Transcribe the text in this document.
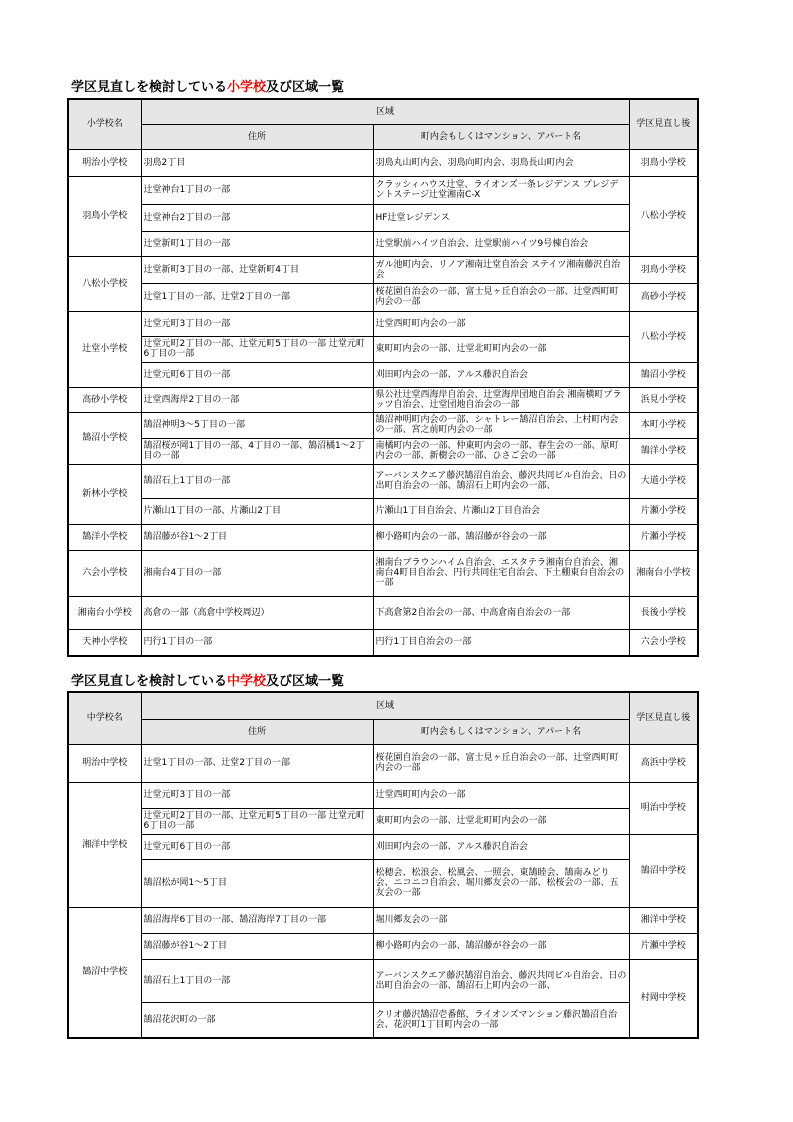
学区見直しを検討している小学校及び区域一覧
小学校名	区域		学区見直し後
	住所	町内会もしくはマンション、アパート名	
明治小学校	羽鳥2丁目	羽鳥丸山町内会、羽鳥向町内会、羽鳥長山町内会	羽鳥小学校
羽鳥小学校	辻堂神台1丁目の一部	クラッシィハウス辻堂、ライオンズ一条レジデンス プレジデントステージ辻堂湘南C-X	八松小学校
	辻堂神台2丁目の一部	HF辻堂レジデンス	
	辻堂新町1丁目の一部	辻堂駅前ハイツ自治会、辻堂駅前ハイツ9号棟自治会	
八松小学校	辻堂新町3丁目の一部、辻堂新町4丁目	ガル池町内会、リノア湘南辻堂自治会 ステイツ湘南藤沢自治会	羽鳥小学校
	辻堂1丁目の一部、辻堂2丁目の一部	桜花園自治会の一部、富士見ヶ丘自治会の一部、辻堂西町町内会の一部	高砂小学校
辻堂小学校	辻堂元町3丁目の一部	辻堂西町町内会の一部	八松小学校
	辻堂元町2丁目の一部、辻堂元町5丁目の一部 辻堂元町6丁目の一部	東町町内会の一部、辻堂北町町内会の一部	
	辻堂元町6丁目の一部	刈田町内会の一部、アルス藤沢自治会	鵠沼小学校
高砂小学校	辻堂西海岸2丁目の一部	県公社辻堂西海岸自治会、辻堂海岸団地自治会 湘南横町プラッツ自治会、辻堂団地自治会の一部	浜見小学校
鵠沼小学校	鵠沼神明3～5丁目の一部	鵠沼神明町内会の一部、シャトレー鵠沼自治会、上村町内会の一部、宮之前町内会の一部	本町小学校
	鵠沼桜が岡1丁目の一部、4丁目の一部、鵠沼橘1～2丁目の一部	南橘町内会の一部、仲東町内会の一部、春生会の一部、原町内会の一部、新樹会の一部、ひさご会の一部	鵠洋小学校
新林小学校	鵠沼石上1丁目の一部	アーバンスクエア藤沢鵠沼自治会、藤沢共同ビル自治会、日の出町自治会の一部、鵠沼石上町内会の一部、	大道小学校
	片瀬山1丁目の一部、片瀬山2丁目	片瀬山1丁目自治会、片瀬山2丁目自治会	片瀬小学校
鵠洋小学校	鵠沼藤が谷1～2丁目	柳小路町内会の一部、鵠沼藤が谷会の一部	片瀬小学校
六会小学校	湘南台4丁目の一部	湘南台ブラウンハイム自治会、エスタテラ湘南台自治会、湘南台4町目自治会、円行共同住宅自治会、下土棚東台自治会の一部	湘南台小学校
湘南台小学校	高倉の一部（高倉中学校周辺）	下高倉第2自治会の一部、中高倉南自治会の一部	長後小学校
天神小学校	円行1丁目の一部	円行1丁目自治会の一部	六会小学校
学区見直しを検討している中学校及び区域一覧
中学校名	区域		学区見直し後
	住所	町内会もしくはマンション、アパート名	
明治中学校	辻堂1丁目の一部、辻堂2丁目の一部	桜花園自治会の一部、富士見ヶ丘自治会の一部、辻堂西町町内会の一部	高浜中学校
湘洋中学校	辻堂元町3丁目の一部	辻堂西町町内会の一部	明治中学校
	辻堂元町2丁目の一部、辻堂元町5丁目の一部 辻堂元町6丁目の一部	東町町内会の一部、辻堂北町町内会の一部	
	辻堂元町6丁目の一部	刈田町内会の一部、アルス藤沢自治会	鵠沼中学校
	鵠沼松が岡1～5丁目	松穂会、松浪会、松風会、一照会、東鵠睦会、鵠南みどり会、ニコニコ自治会、堀川郷友会の一部、松桜会の一部、五友会の一部	
鵠沼中学校	鵠沼海岸6丁目の一部、鵠沼海岸7丁目の一部	堀川郷友会の一部	湘洋中学校
	鵠沼藤が谷1～2丁目	柳小路町内会の一部、鵠沼藤が谷会の一部	片瀬中学校
	鵠沼石上1丁目の一部	アーバンスクエア藤沢鵠沼自治会、藤沢共同ビル自治会、日の出町自治会の一部、鵠沼石上町内会の一部、	村岡中学校
	鵠沼花沢町の一部	クリオ藤沢鵠沼壱番館、ライオンズマンション藤沢鵠沼自治会、花沢町1丁目町内会の一部	
